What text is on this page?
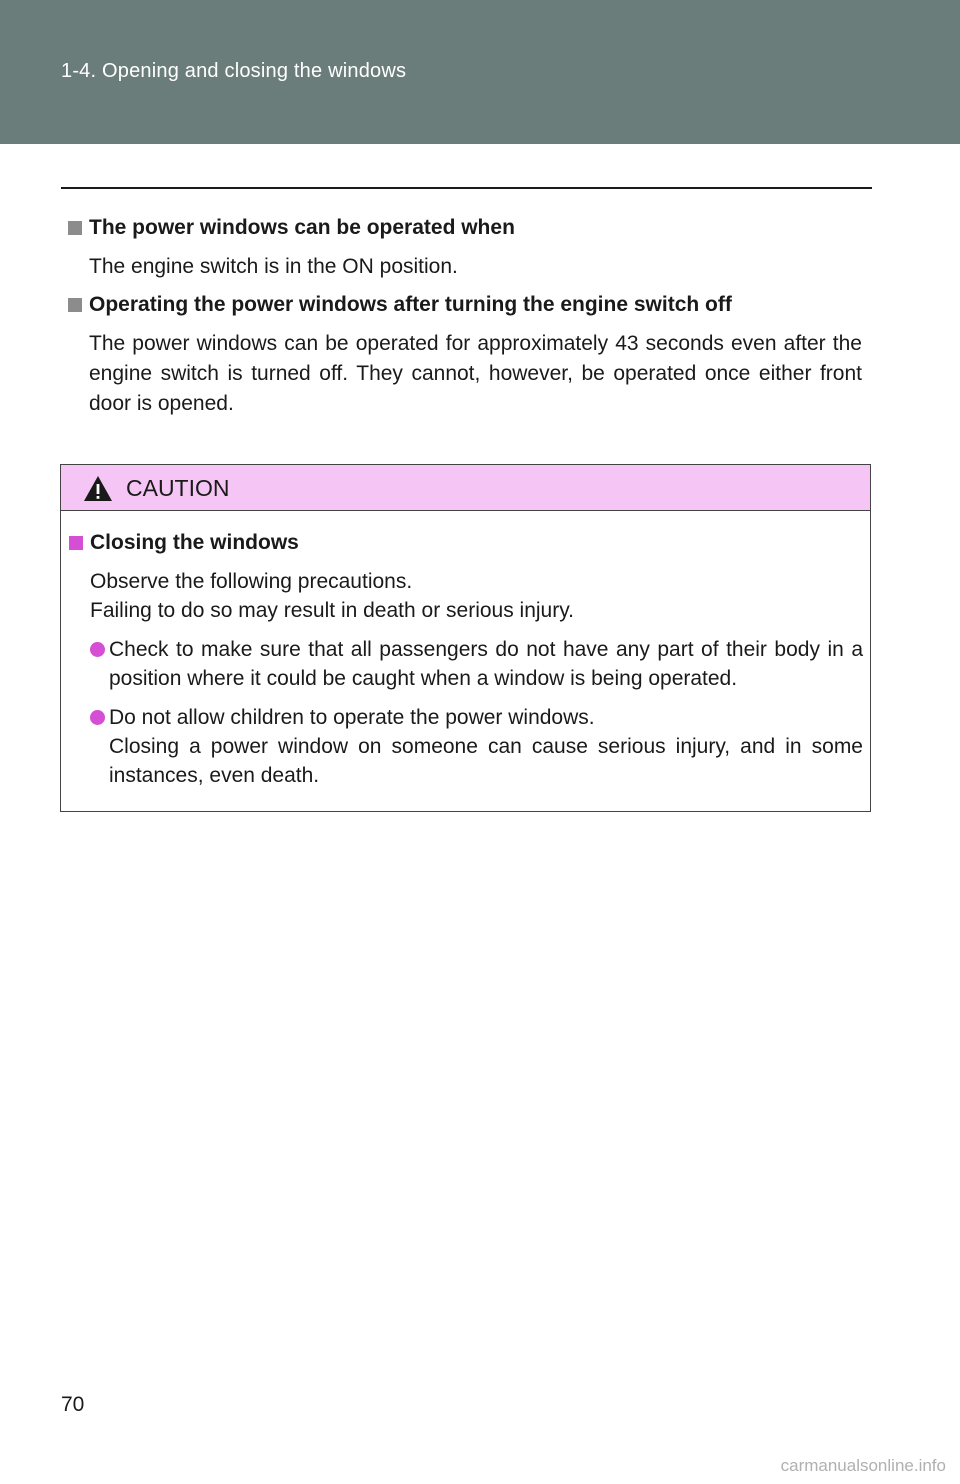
1-4. Opening and closing the windows
The power windows can be operated when
The engine switch is in the ON position.
Operating the power windows after turning the engine switch off
The power windows can be operated for approximately 43 seconds even after the engine switch is turned off. They cannot, however, be operated once either front door is opened.
CAUTION
Closing the windows
Observe the following precautions.
Failing to do so may result in death or serious injury.
Check to make sure that all passengers do not have any part of their body in a position where it could be caught when a window is being operated.
Do not allow children to operate the power windows.
Closing a power window on someone can cause serious injury, and in some instances, even death.
70
carmanualsonline.info
